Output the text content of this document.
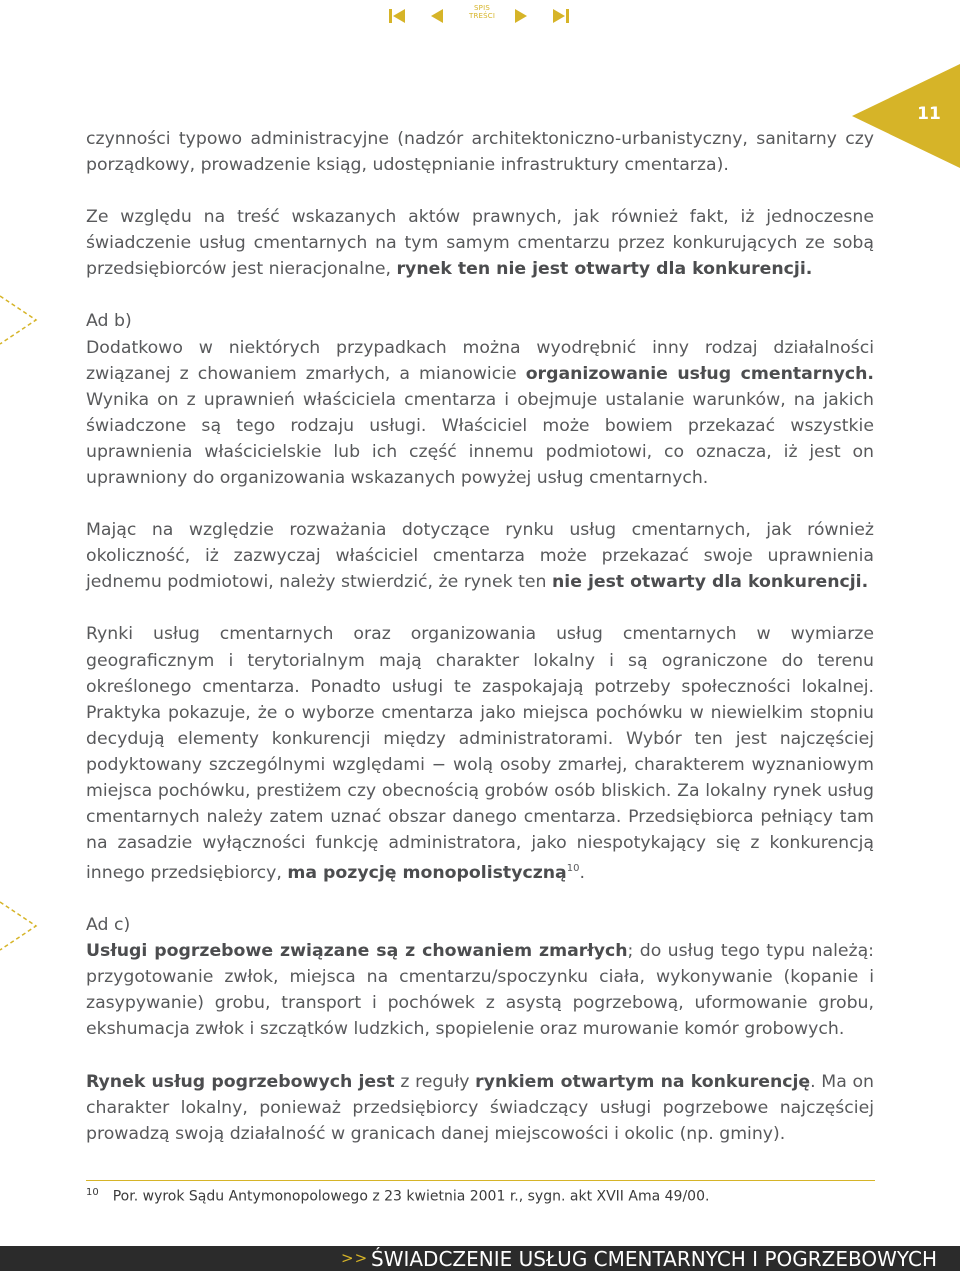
SPIS
TREŚCI
11

czynności typowo administracyjne (nadzór architektoniczno-urbanistyczny, sanitarny czy porządkowy, prowadzenie ksiąg, udostępnianie infrastruktury cmentarza).

Ze względu na treść wskazanych aktów prawnych, jak również fakt, iż jednoczesne świadczenie usług cmentarnych na tym samym cmentarzu przez konkurujących ze sobą przedsiębiorców jest nieracjonalne, rynek ten nie jest otwarty dla konkurencji.

Ad b)

Dodatkowo w niektórych przypadkach można wyodrębnić inny rodzaj działalności związanej z chowaniem zmarłych, a mianowicie organizowanie usług cmentarnych. Wynika on z uprawnień właściciela cmentarza i obejmuje ustalanie warunków, na jakich świadczone są tego rodzaju usługi. Właściciel może bowiem przekazać wszystkie uprawnienia właścicielskie lub ich część innemu podmiotowi, co oznacza, iż jest on uprawniony do organizowania wskazanych powyżej usług cmentarnych.

Mając na względzie rozważania dotyczące rynku usług cmentarnych, jak również okoliczność, iż zazwyczaj właściciel cmentarza może przekazać swoje uprawnienia jednemu podmiotowi, należy stwierdzić, że rynek ten nie jest otwarty dla konkurencji.

Rynki usług cmentarnych oraz organizowania usług cmentarnych w wymiarze geograficznym i terytorialnym mają charakter lokalny i są ograniczone do terenu określonego cmentarza. Ponadto usługi te zaspokajają potrzeby społeczności lokalnej. Praktyka pokazuje, że o wyborze cmentarza jako miejsca pochówku w niewielkim stopniu decydują elementy konkurencji między administratorami. Wybór ten jest najczęściej podyktowany szczególnymi względami − wolą osoby zmarłej, charakterem wyznaniowym miejsca pochówku, prestiżem czy obecnością grobów osób bliskich. Za lokalny rynek usług cmentarnych należy zatem uznać obszar danego cmentarza. Przedsiębiorca pełniący tam na zasadzie wyłączności funkcję administratora, jako niespotykający się z konkurencją innego przedsiębiorcy, ma pozycję monopolistyczną$^{10}$.

Ad c)

Usługi pogrzebowe związane są z chowaniem zmarłych; do usług tego typu należą: przygotowanie zwłok, miejsca na cmentarzu/spoczynku ciała, wykonywanie (kopanie i zasypywanie) grobu, transport i pochówek z asystą pogrzebową, uformowanie grobu, ekshumacja zwłok i szczątków ludzkich, spopielenie oraz murowanie komór grobowych.

Rynek usług pogrzebowych jest z reguły rynkiem otwartym na konkurencję. Ma on charakter lokalny, ponieważ przedsiębiorcy świadczący usługi pogrzebowe najczęściej prowadzą swoją działalność w granicach danej miejscowości i okolic (np. gminy).

$^{10}$ Por. wyrok Sądu Antymonopolowego z 23 kwietnia 2001 r., sygn. akt XVII Ama 49/00.
>> ŚWIADCZENIE USŁUG CMENTARNYCH I POGRZEBOWYCH
